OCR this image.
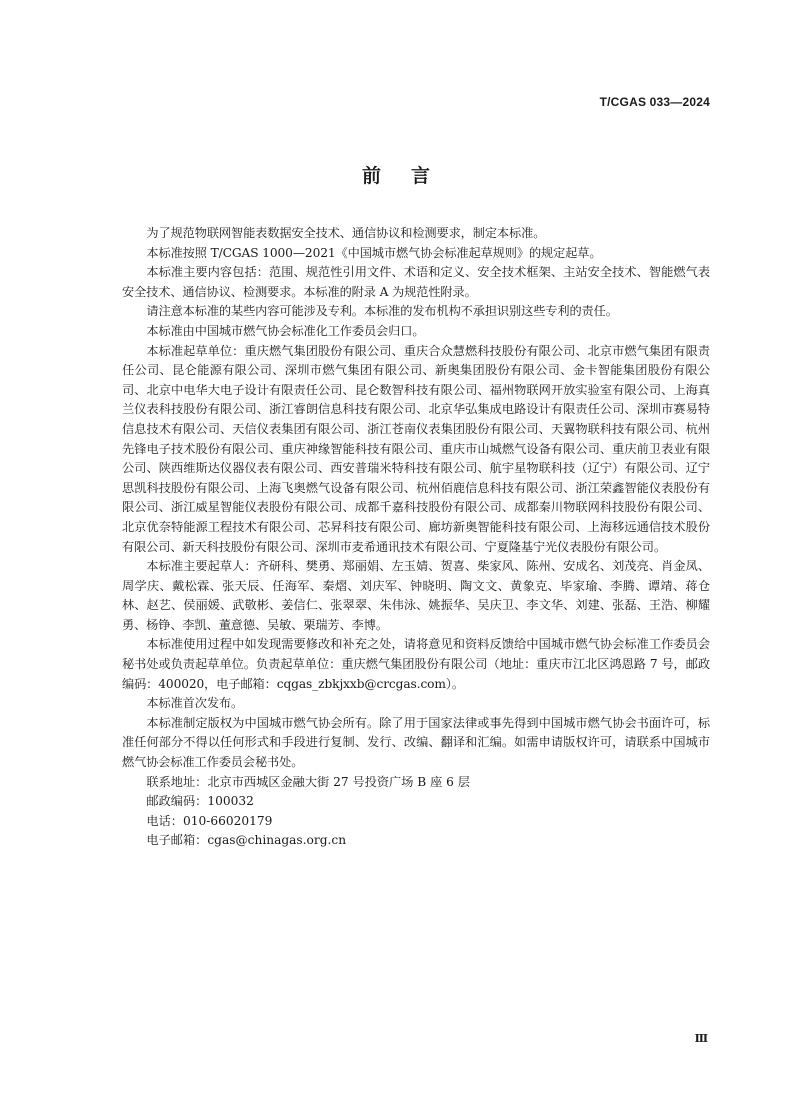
T/CGAS 033—2024
前言

为了规范物联网智能表数据安全技术、通信协议和检测要求，制定本标准。

本标准按照 T/CGAS 1000—2021《中国城市燃气协会标准起草规则》的规定起草。

本标准主要内容包括：范围、规范性引用文件、术语和定义、安全技术框架、主站安全技术、智能燃气表安全技术、通信协议、检测要求。本标准的附录 A 为规范性附录。

请注意本标准的某些内容可能涉及专利。本标准的发布机构不承担识别这些专利的责任。

本标准由中国城市燃气协会标准化工作委员会归口。

本标准起草单位：重庆燃气集团股份有限公司、重庆合众慧燃科技股份有限公司、北京市燃气集团有限责任公司、昆仑能源有限公司、深圳市燃气集团有限公司、新奥集团股份有限公司、金卡智能集团股份有限公司、北京中电华大电子设计有限责任公司、昆仑数智科技有限公司、福州物联网开放实验室有限公司、上海真兰仪表科技股份有限公司、浙江睿朗信息科技有限公司、北京华弘集成电路设计有限责任公司、深圳市赛易特信息技术有限公司、天信仪表集团有限公司、浙江苍南仪表集团股份有限公司、天翼物联科技有限公司、杭州先锋电子技术股份有限公司、重庆神缘智能科技有限公司、重庆市山城燃气设备有限公司、重庆前卫表业有限公司、陕西维斯达仪器仪表有限公司、西安普瑞米特科技有限公司、航宇星物联科技（辽宁）有限公司、辽宁思凯科技股份有限公司、上海飞奥燃气设备有限公司、杭州佰鹿信息科技有限公司、浙江荣鑫智能仪表股份有限公司、浙江威星智能仪表股份有限公司、成都千嘉科技股份有限公司、成都秦川物联网科技股份有限公司、北京优奈特能源工程技术有限公司、芯昇科技有限公司、廊坊新奥智能科技有限公司、上海移远通信技术股份有限公司、新天科技股份有限公司、深圳市麦希通讯技术有限公司、宁夏隆基宁光仪表股份有限公司。

本标准主要起草人：齐研科、樊勇、郑丽娟、左玉婧、贺喜、柴家风、陈州、安成名、刘茂亮、肖金凤、周学庆、戴松霖、张天辰、任海军、秦熠、刘庆军、钟晓明、陶文文、黄象克、毕家瑜、李腾、谭靖、蒋仓林、赵艺、侯丽媛、武敬彬、姜信仁、张翠翠、朱伟泳、姚振华、吴庆卫、李文华、刘建、张磊、王浩、柳耀勇、杨铮、李凯、董意德、吴敏、栗瑞芳、李博。

本标准使用过程中如发现需要修改和补充之处，请将意见和资料反馈给中国城市燃气协会标准工作委员会秘书处或负责起草单位。负责起草单位：重庆燃气集团股份有限公司（地址：重庆市江北区鸿恩路 7 号，邮政编码：400020，电子邮箱：cqgas_zbkjxxb@crcgas.com）。

本标准首次发布。

本标准制定版权为中国城市燃气协会所有。除了用于国家法律或事先得到中国城市燃气协会书面许可，标准任何部分不得以任何形式和手段进行复制、发行、改编、翻译和汇编。如需申请版权许可，请联系中国城市燃气协会标准工作委员会秘书处。

联系地址：北京市西城区金融大街 27 号投资广场 B 座 6 层

邮政编码：100032

电话：010-66020179

电子邮箱：cgas@chinagas.org.cn

Ⅲ
